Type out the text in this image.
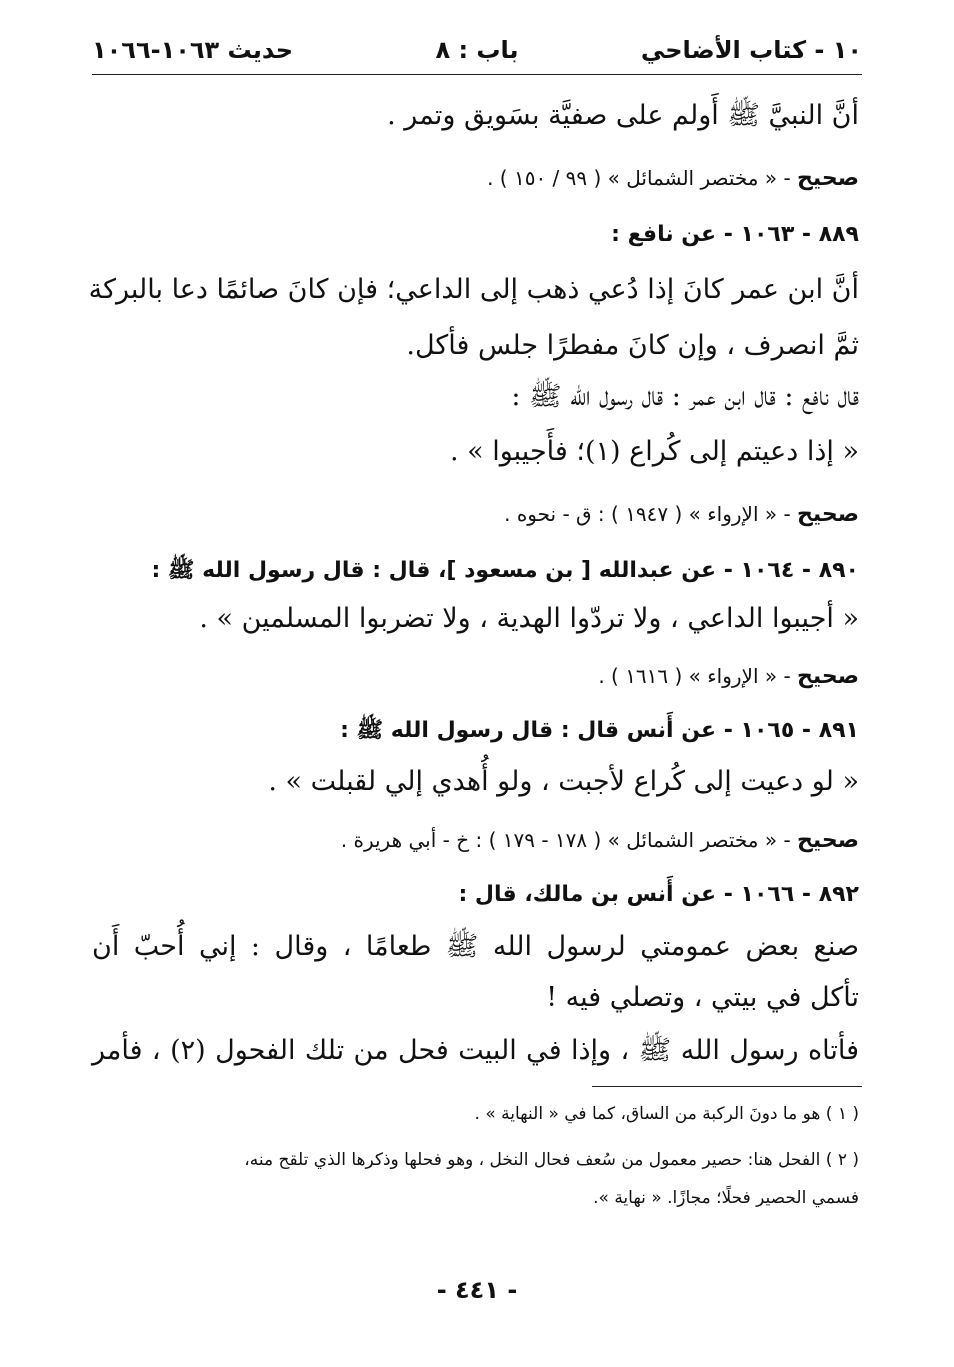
١٠ - كتاب الأضاحي
باب : ٨
حديث ١٠٦٣-١٠٦٦
أنَّ النبيَّ ﷺ أَولم على صفيَّة بسَويق وتمر .
صحيح - « مختصر الشمائل » ( ٩٩ / ١٥٠ ) .
٨٨٩ - ١٠٦٣ - عن نافع :
أنَّ ابن عمر كانَ إذا دُعي ذهب إلى الداعي؛ فإن كانَ صائمًا دعا بالبركة
ثمَّ انصرف ، وإن كانَ مفطرًا جلس فأكل.
قال نافع : قال ابن عمر : قال رسول الله ﷺ :
« إذا دعيتم إلى كُراع (١)؛ فأَجيبوا » .
صحيح - « الإرواء » ( ١٩٤٧ ) : ق - نحوه .
٨٩٠ - ١٠٦٤ - عن عبدالله [ بن مسعود ]، قال : قال رسول الله ﷺ :
« أجيبوا الداعي ، ولا تردّوا الهدية ، ولا تضربوا المسلمين » .
صحيح - « الإرواء » ( ١٦١٦ ) .
٨٩١ - ١٠٦٥ - عن أَنس قال : قال رسول الله ﷺ :
« لو دعيت إلى كُراع لأجبت ، ولو أُهدي إلي لقبلت » .
صحيح - « مختصر الشمائل » ( ١٧٨ - ١٧٩ ) : خ - أبي هريرة .
٨٩٢ - ١٠٦٦ - عن أَنس بن مالك، قال :
صنع بعض عمومتي لرسول الله ﷺ طعامًا ، وقال : إني أُحبّ أَن
تأكل في بيتي ، وتصلي فيه !
فأتاه رسول الله ﷺ ، وإذا في البيت فحل من تلك الفحول (٢) ، فأمر
( ١ ) هو ما دونَ الركبة من الساق، كما في « النهاية » .
( ٢ ) الفحل هنا: حصير معمول من سُعف فحال النخل ، وهو فحلها وذكرها الذي تلقح منه،
فسمي الحصير فحلًا؛ مجازًا. « نهاية ».
- ٤٤١ -
